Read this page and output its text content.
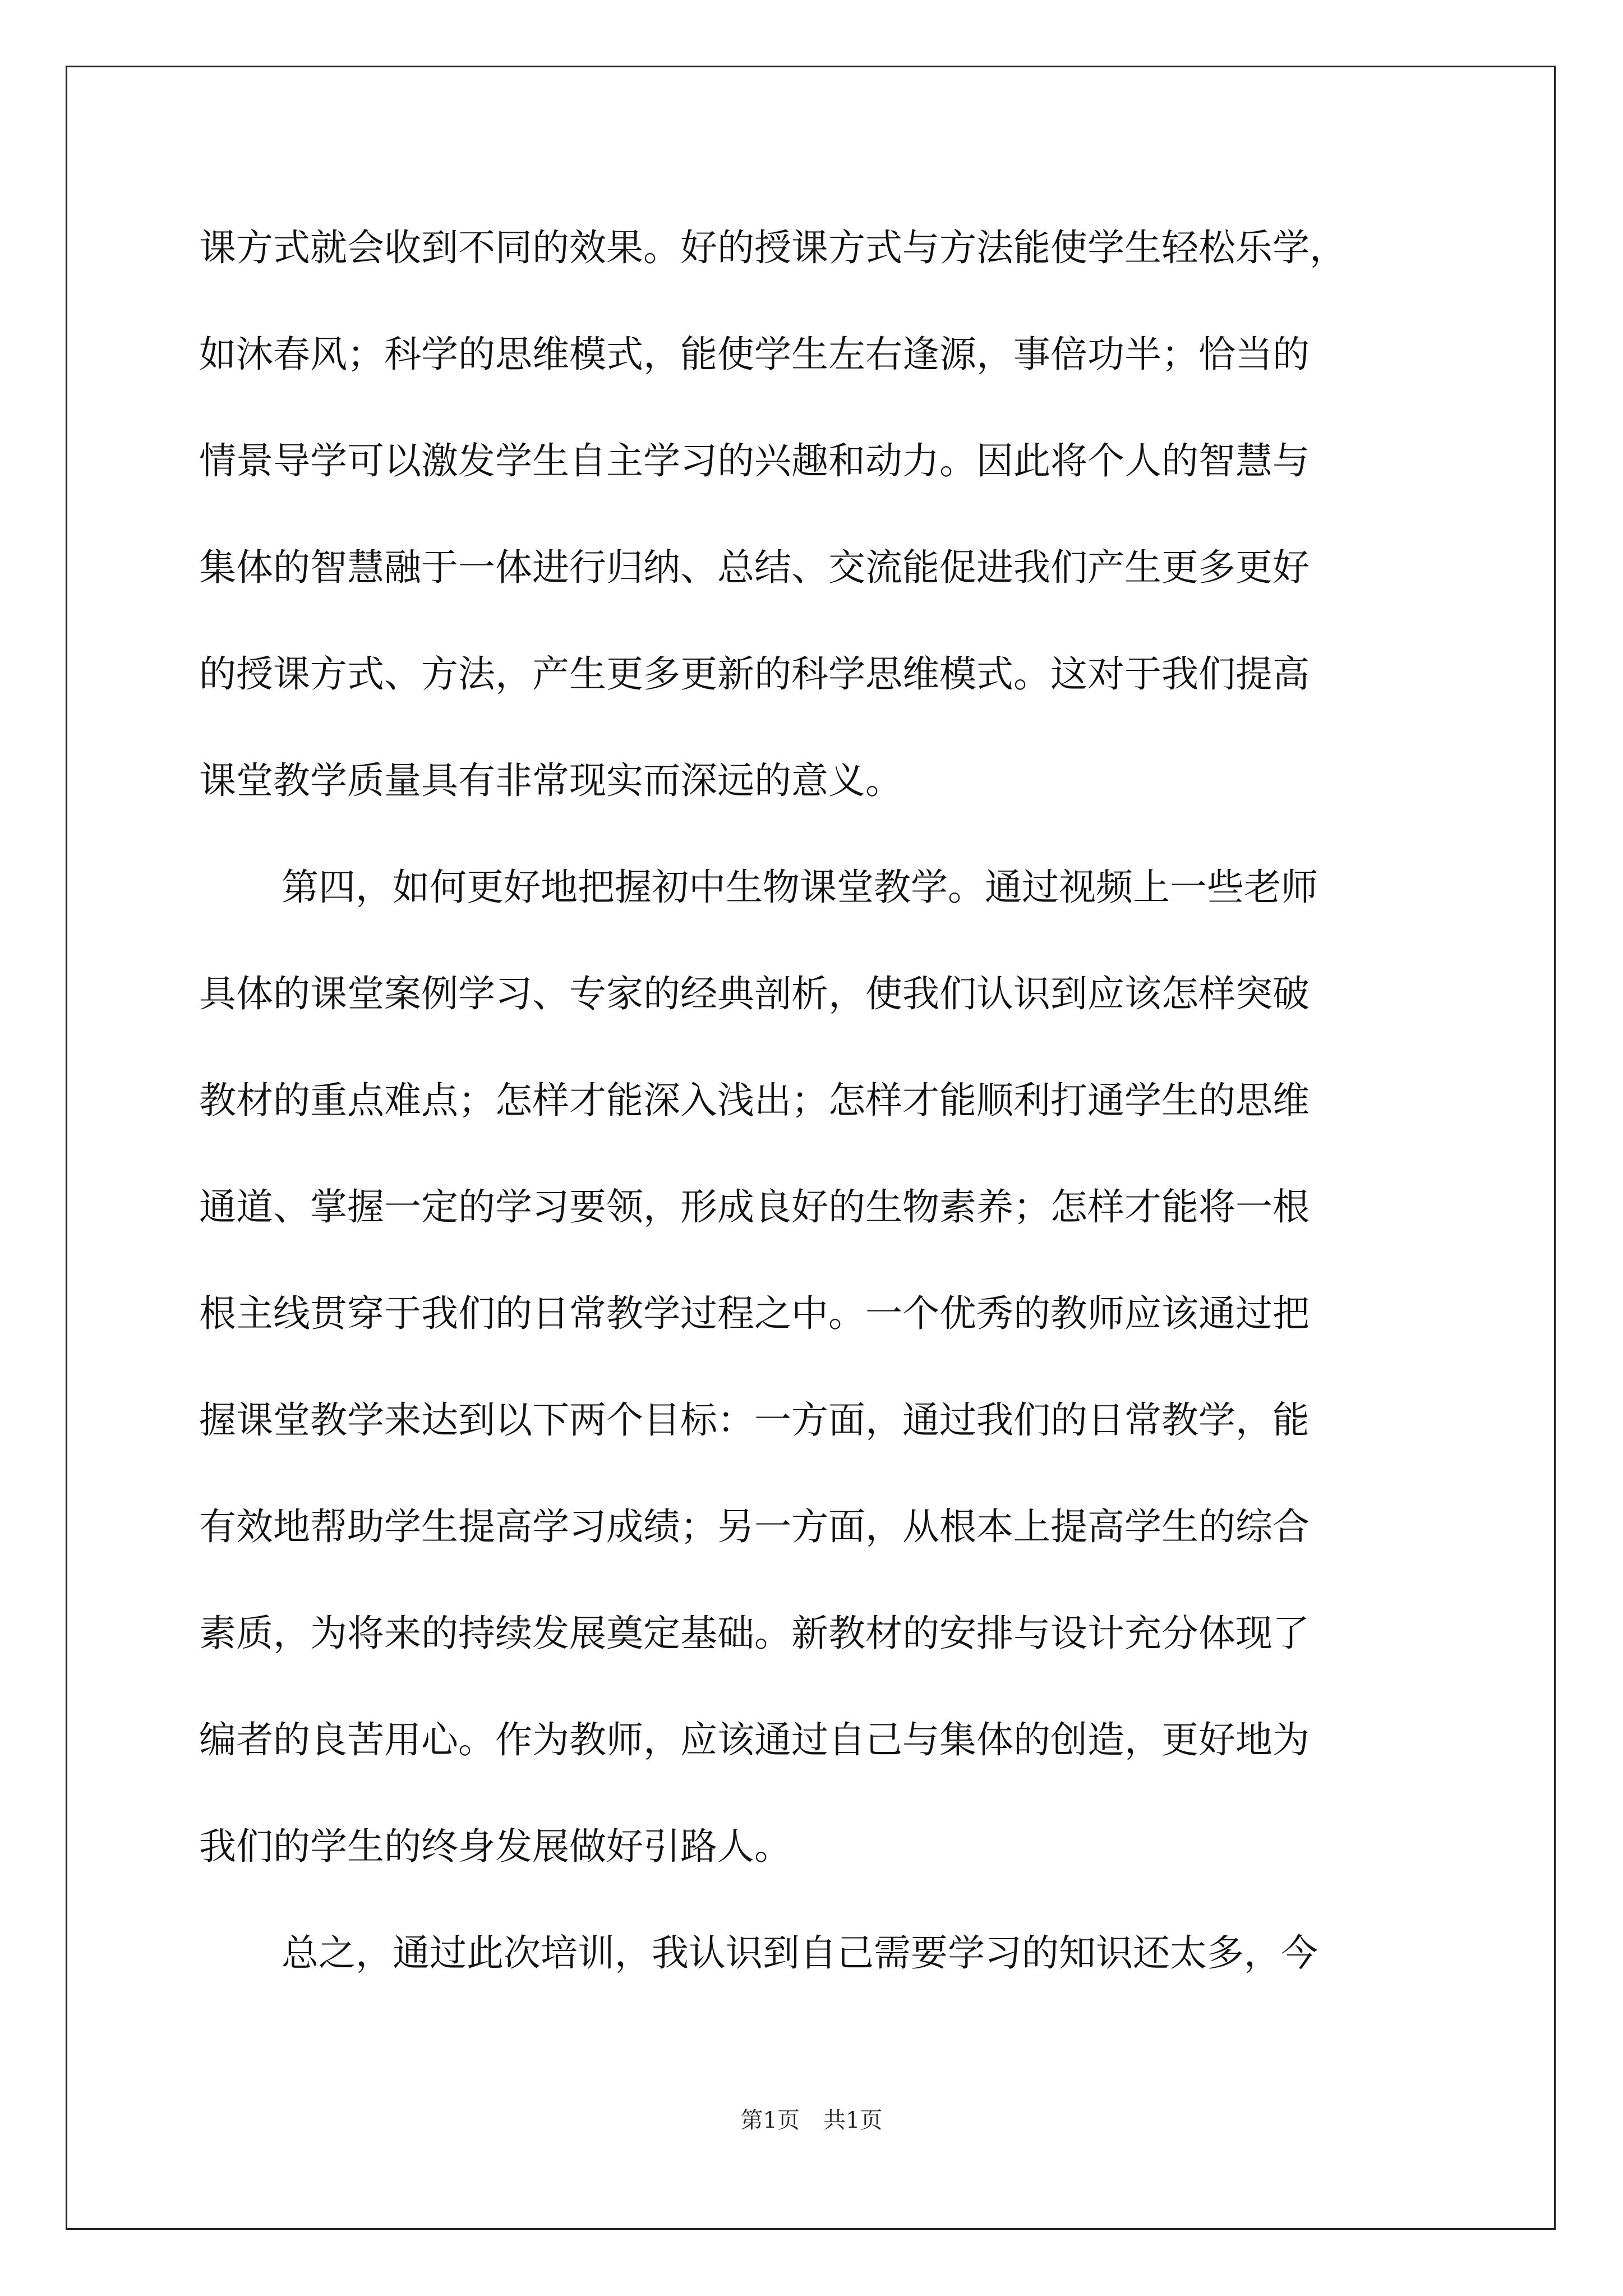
课方式就会收到不同的效果。好的授课方式与方法能使学生轻松乐学，
如沐春风；科学的思维模式，能使学生左右逢源，事倍功半；恰当的
情景导学可以激发学生自主学习的兴趣和动力。因此将个人的智慧与
集体的智慧融于一体进行归纳、总结、交流能促进我们产生更多更好
的授课方式、方法，产生更多更新的科学思维模式。这对于我们提高
课堂教学质量具有非常现实而深远的意义。
第四，如何更好地把握初中生物课堂教学。通过视频上一些老师
具体的课堂案例学习、专家的经典剖析，使我们认识到应该怎样突破
教材的重点难点；怎样才能深入浅出；怎样才能顺利打通学生的思维
通道、掌握一定的学习要领，形成良好的生物素养；怎样才能将一根
根主线贯穿于我们的日常教学过程之中。一个优秀的教师应该通过把
握课堂教学来达到以下两个目标：一方面，通过我们的日常教学，能
有效地帮助学生提高学习成绩；另一方面，从根本上提高学生的综合
素质，为将来的持续发展奠定基础。新教材的安排与设计充分体现了
编者的良苦用心。作为教师，应该通过自己与集体的创造，更好地为
我们的学生的终身发展做好引路人。
总之，通过此次培训，我认识到自己需要学习的知识还太多，今
第1页 共1页
